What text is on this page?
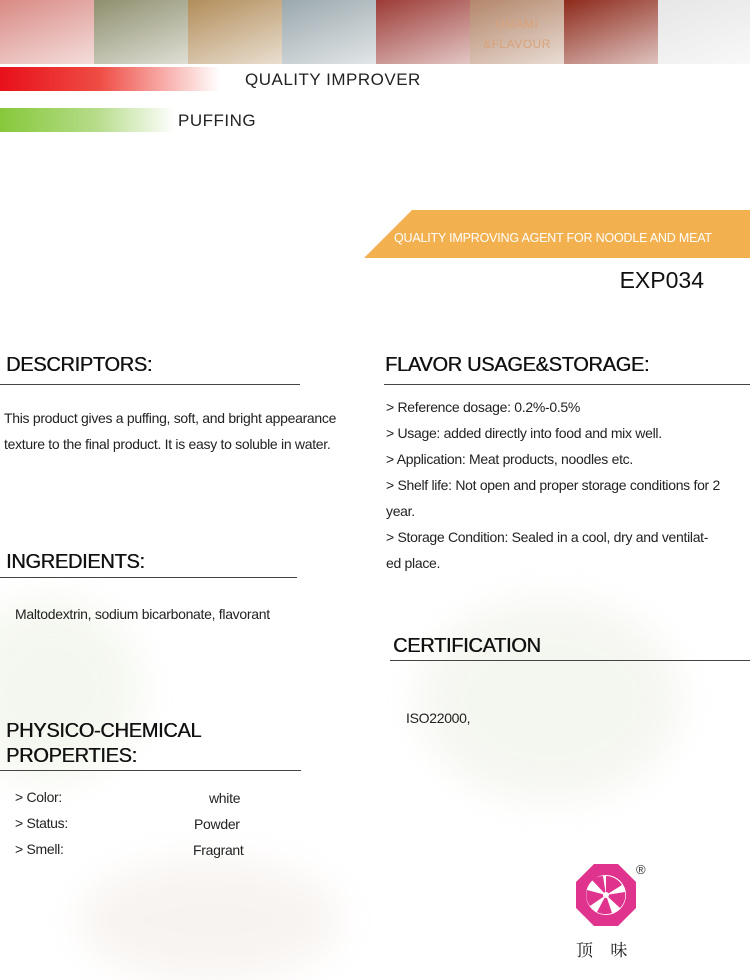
UMAMI
&FLAVOUR
QUALITY IMPROVER
PUFFING
QUALITY IMPROVING AGENT FOR NOODLE AND MEAT
EXP034
DESCRIPTORS:
This product gives a puffing, soft, and bright appearance
texture to the final product. It is easy to soluble in water.
INGREDIENTS:
Maltodextrin, sodium bicarbonate, flavorant
PHYSICO-CHEMICAL
PROPERTIES:
> Color:	white
> Status:	Powder
> Smell:	Fragrant
FLAVOR USAGE&STORAGE:
> Reference dosage: 0.2%-0.5%
> Usage: added directly into food and mix well.
> Application: Meat products, noodles etc.
> Shelf life: Not open and proper storage conditions for 2
year.
> Storage Condition: Sealed in a cool, dry and ventilat-
ed place.
CERTIFICATION
ISO22000,
®
顶 味
